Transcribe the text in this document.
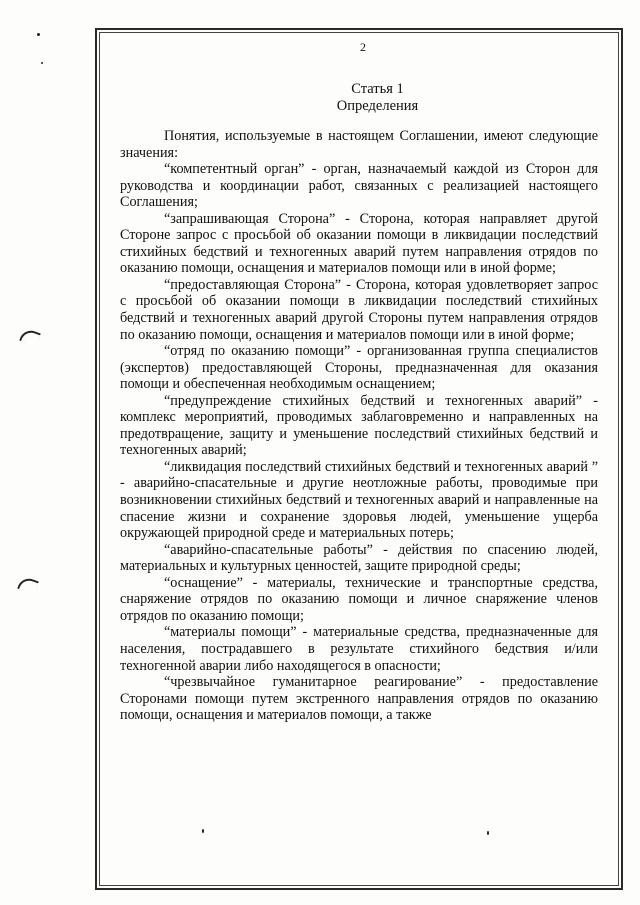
2
Статья 1
Определения

Понятия, используемые в настоящем Соглашении, имеют следующие значения:

“компетентный орган” - орган, назначаемый каждой из Сторон для руководства и координации работ, связанных с реализацией настоящего Соглашения;

“запрашивающая Сторона” - Сторона, которая направляет другой Стороне запрос с просьбой об оказании помощи в ликвидации последствий стихийных бедствий и техногенных аварий путем направления отрядов по оказанию помощи, оснащения и материалов помощи или в иной форме;

“предоставляющая Сторона” - Сторона, которая удовлетворяет запрос с просьбой об оказании помощи в ликвидации последствий стихийных бедствий и техногенных аварий другой Стороны путем направления отрядов по оказанию помощи, оснащения и материалов помощи или в иной форме;

“отряд по оказанию помощи” - организованная группа специалистов (экспертов) предоставляющей Стороны, предназначенная для оказания помощи и обеспеченная необходимым оснащением;

“предупреждение стихийных бедствий и техногенных аварий” - комплекс мероприятий, проводимых заблаговременно и направленных на предотвращение, защиту и уменьшение последствий стихийных бедствий и техногенных аварий;

“ликвидация последствий стихийных бедствий и техногенных аварий ” - аварийно-спасательные и другие неотложные работы, проводимые при возникновении стихийных бедствий и техногенных аварий и направленные на спасение жизни и сохранение здоровья людей, уменьшение ущерба окружающей природной среде и материальных потерь;

“аварийно-спасательные работы” - действия по спасению людей, материальных и культурных ценностей, защите природной среды;

“оснащение” - материалы, технические и транспортные средства, снаряжение отрядов по оказанию помощи и личное снаряжение членов отрядов по оказанию помощи;

“материалы помощи” - материальные средства, предназначенные для населения, пострадавшего в результате стихийного бедствия и/или техногенной аварии либо находящегося в опасности;

“чрезвычайное гуманитарное реагирование” - предоставление Сторонами помощи путем экстренного направления отрядов по оказанию помощи, оснащения и материалов помощи, а также
